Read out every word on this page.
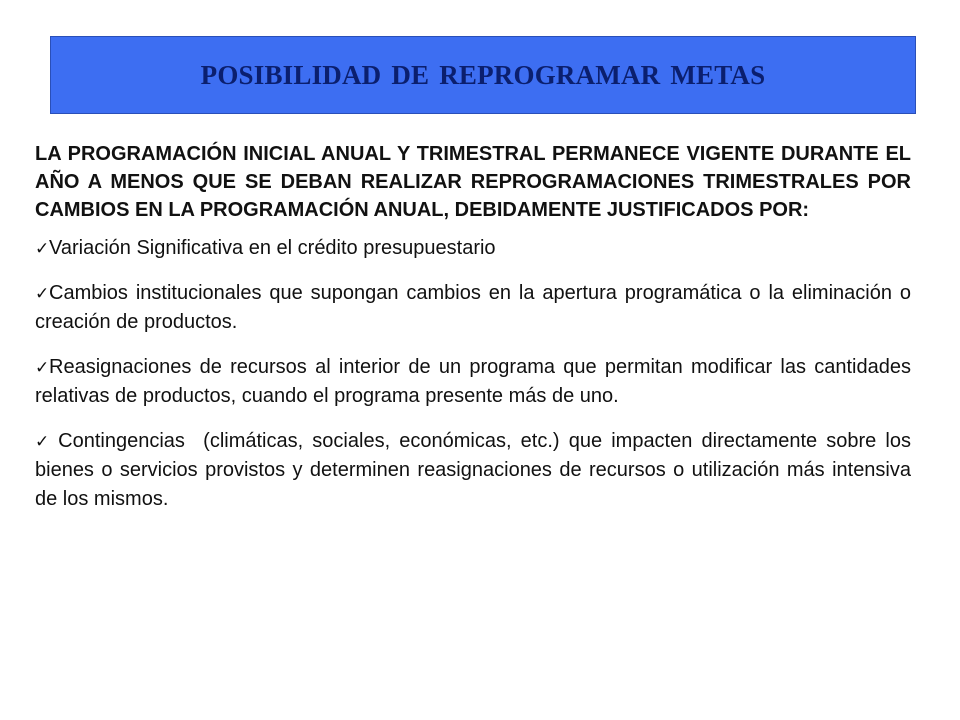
POSIBILIDAD DE REPROGRAMAR METAS

LA PROGRAMACIÓN INICIAL ANUAL Y TRIMESTRAL PERMANECE VIGENTE DURANTE EL AÑO A MENOS QUE SE DEBAN REALIZAR REPROGRAMACIONES TRIMESTRALES POR CAMBIOS EN LA PROGRAMACIÓN ANUAL, DEBIDAMENTE JUSTIFICADOS POR:

✓Variación Significativa en el crédito presupuestario

✓Cambios institucionales que supongan cambios en la apertura programática o la eliminación o creación de productos.

✓Reasignaciones de recursos al interior de un programa que permitan modificar las cantidades relativas de productos, cuando el programa presente más de uno.

✓ Contingencias  (climáticas, sociales, económicas, etc.) que impacten directamente sobre los bienes o servicios provistos y determinen reasignaciones de recursos o utilización más intensiva de los mismos.
